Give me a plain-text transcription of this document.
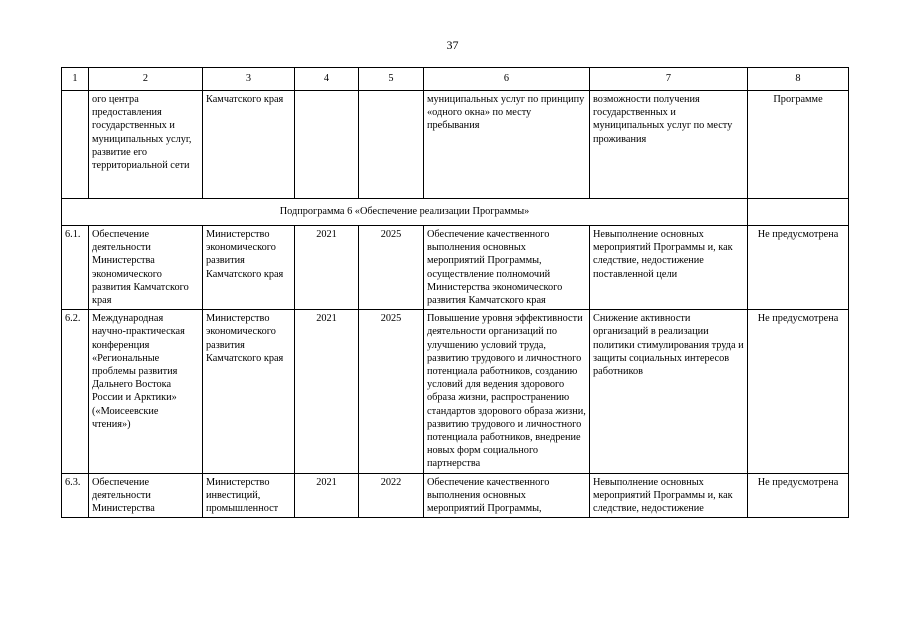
37
1	2	3	4	5	6	7	8
	ого центра предоставления государственных и муниципальных услуг, развитие его территориальной сети	Камчатского края			муниципальных услуг по принципу «одного окна» по месту пребывания	возможности получения государственных и муниципальных услуг по месту проживания	Программе
Подпрограмма 6 «Обеспечение реализации Программы»							
6.1.	Обеспечение деятельности Министерства экономического развития Камчатского края	Министерство экономического развития Камчатского края	2021	2025	Обеспечение качественного выполнения основных мероприятий Программы, осуществление полномочий Министерства экономического развития Камчатского края	Невыполнение основных мероприятий Программы и, как следствие, недостижение поставленной цели	Не предусмотрена
6.2.	Международная научно-практическая конференция «Региональные проблемы развития Дальнего Востока России и Арктики» («Моисеевские чтения»)	Министерство экономического развития Камчатского края	2021	2025	Повышение уровня эффективности деятельности организаций по улучшению условий труда, развитию трудового и личностного потенциала работников, созданию условий для ведения здорового образа жизни, распространению стандартов здорового образа жизни, развитию трудового и личностного потенциала работников, внедрение новых форм социального партнерства	Снижение активности организаций в реализации политики стимулирования труда и защиты социальных интересов работников	Не предусмотрена
6.3.	Обеспечение деятельности Министерства	Министерство инвестиций, промышленност	2021	2022	Обеспечение качественного выполнения основных мероприятий Программы,	Невыполнение основных мероприятий Программы и, как следствие, недостижение	Не предусмотрена
